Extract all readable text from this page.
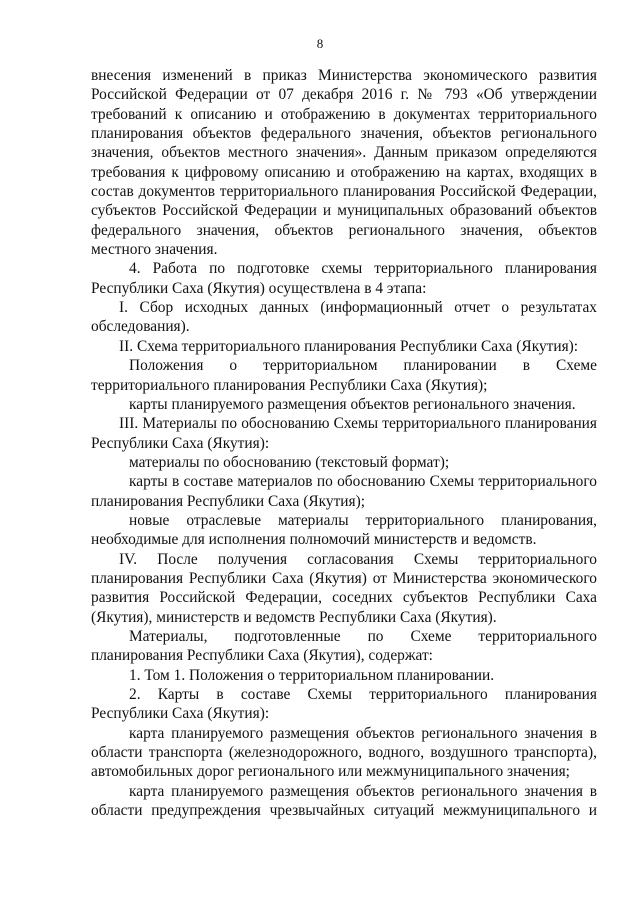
8

внесения изменений в приказ Министерства экономического развития Российской Федерации от 07 декабря 2016 г. № 793 «Об утверждении требований к описанию и отображению в документах территориального планирования объектов федерального значения, объектов регионального значения, объектов местного значения». Данным приказом определяются требования к цифровому описанию и отображению на картах, входящих в состав документов территориального планирования Российской Федерации, субъектов Российской Федерации и муниципальных образований объектов федерального значения, объектов регионального значения, объектов местного значения.

4. Работа по подготовке схемы территориального планирования Республики Саха (Якутия) осуществлена в 4 этапа:

I. Сбор исходных данных (информационный отчет о результатах обследования).

II. Схема территориального планирования Республики Саха (Якутия):

Положения о территориальном планировании в Схеме территориального планирования Республики Саха (Якутия);

карты планируемого размещения объектов регионального значения.

III. Материалы по обоснованию Схемы территориального планирования Республики Саха (Якутия):

материалы по обоснованию (текстовый формат);

карты в составе материалов по обоснованию Схемы территориального планирования Республики Саха (Якутия);

новые отраслевые материалы территориального планирования, необходимые для исполнения полномочий министерств и ведомств.

IV. После получения согласования Схемы территориального планирования Республики Саха (Якутия) от Министерства экономического развития Российской Федерации, соседних субъектов Республики Саха (Якутия), министерств и ведомств Республики Саха (Якутия).

Материалы, подготовленные по Схеме территориального планирования Республики Саха (Якутия), содержат:

1. Том 1. Положения о территориальном планировании.

2. Карты в составе Схемы территориального планирования Республики Саха (Якутия):

карта планируемого размещения объектов регионального значения в области транспорта (железнодорожного, водного, воздушного транспорта), автомобильных дорог регионального или межмуниципального значения;

карта планируемого размещения объектов регионального значения в области предупреждения чрезвычайных ситуаций межмуниципального и
